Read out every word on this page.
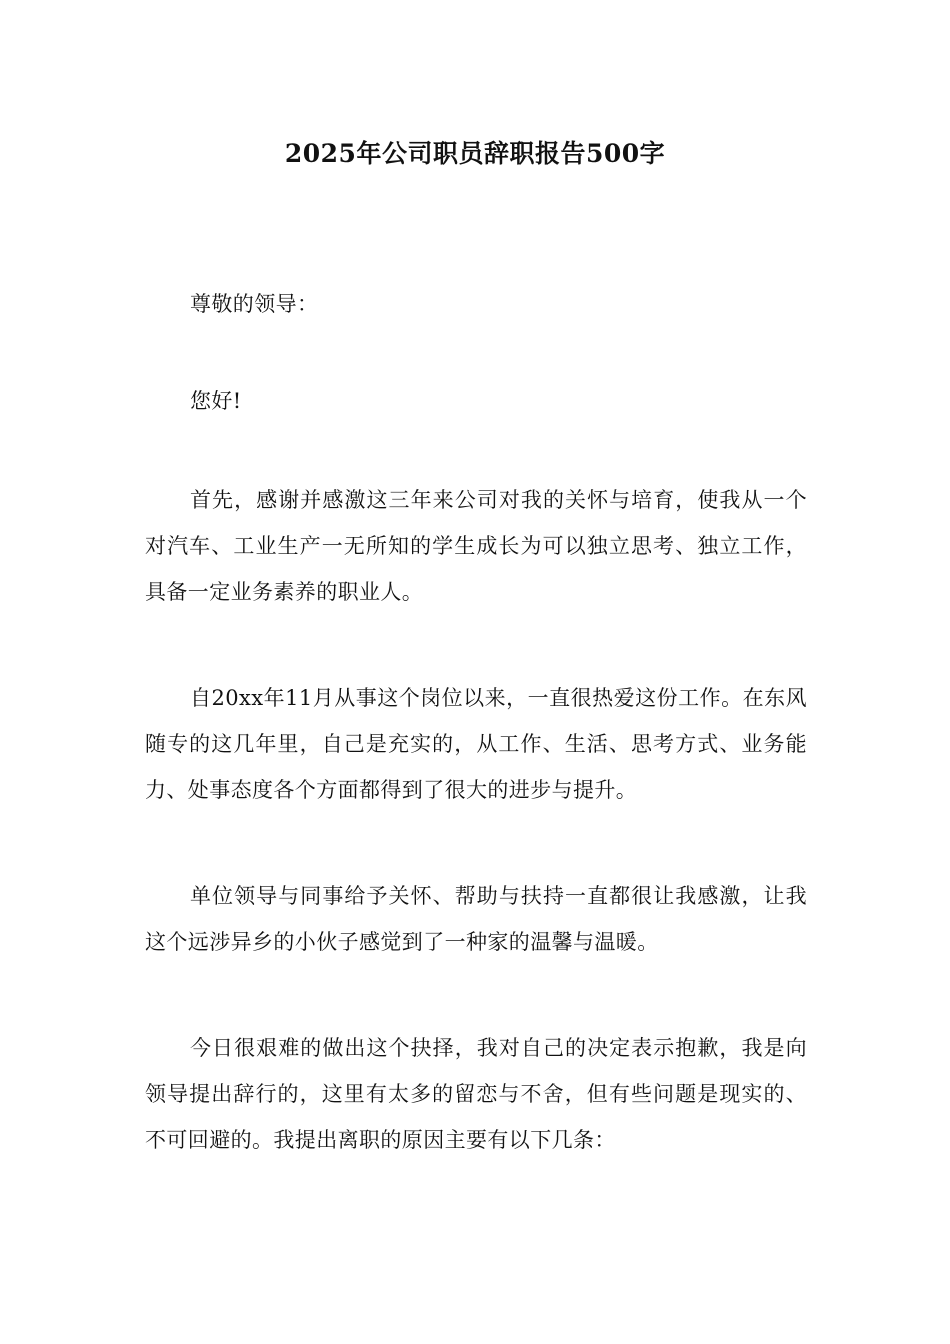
2025年公司职员辞职报告500字

尊敬的领导：

您好!

首先，感谢并感激这三年来公司对我的关怀与培育，使我从一个对汽车、工业生产一无所知的学生成长为可以独立思考、独立工作，具备一定业务素养的职业人。

自20xx年11月从事这个岗位以来，一直很热爱这份工作。在东风随专的这几年里，自己是充实的，从工作、生活、思考方式、业务能力、处事态度各个方面都得到了很大的进步与提升。

单位领导与同事给予关怀、帮助与扶持一直都很让我感激，让我这个远涉异乡的小伙子感觉到了一种家的温馨与温暖。

今日很艰难的做出这个抉择，我对自己的决定表示抱歉，我是向领导提出辞行的，这里有太多的留恋与不舍，但有些问题是现实的、不可回避的。我提出离职的原因主要有以下几条：
